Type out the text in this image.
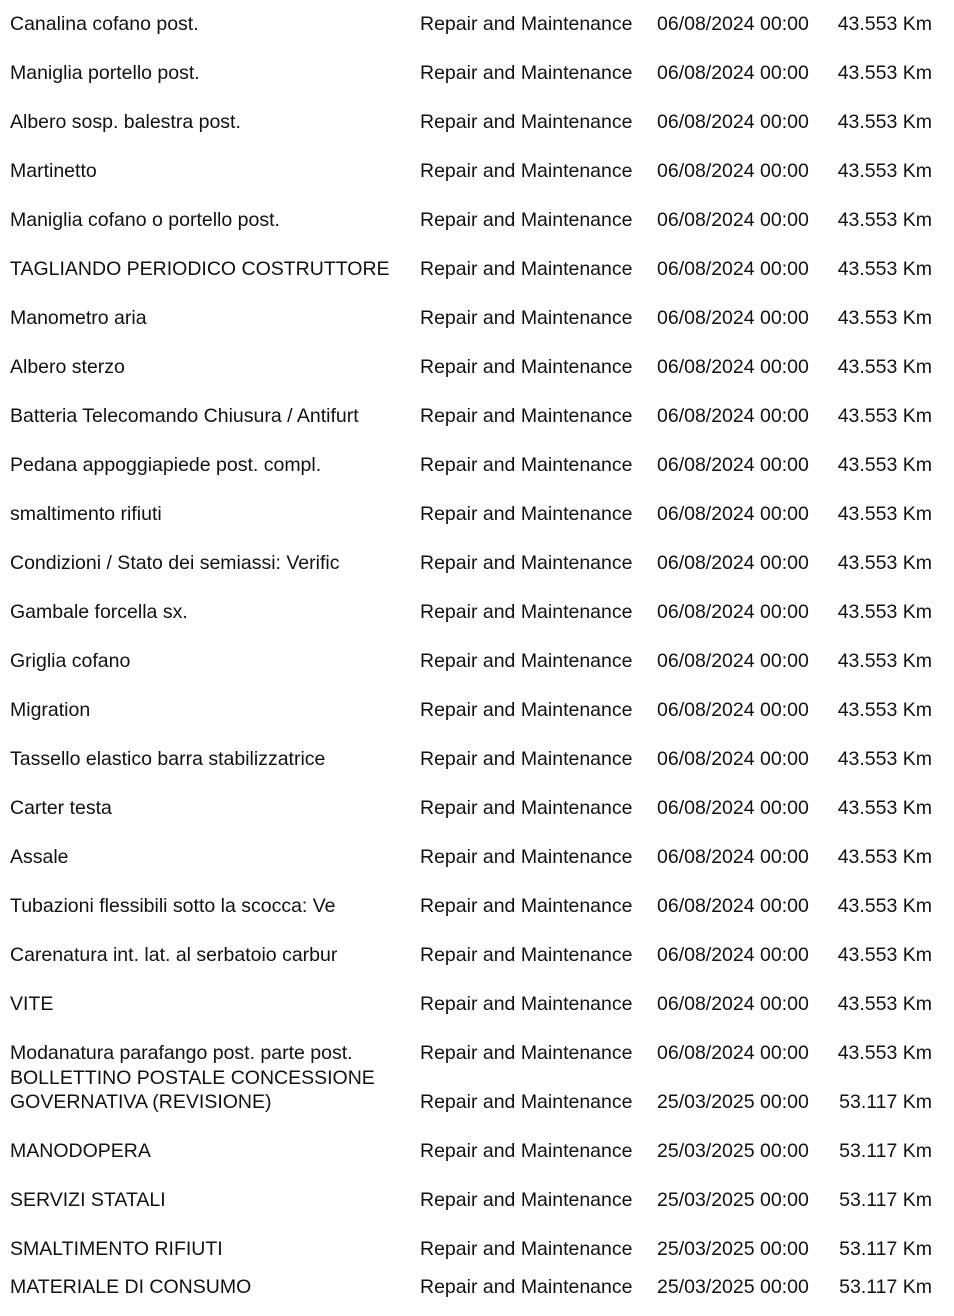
Canalina cofano post.	Repair and Maintenance 06/08/2024 00:00 43.553 Km
Maniglia portello post.	Repair and Maintenance 06/08/2024 00:00 43.553 Km
Albero sosp. balestra post.	Repair and Maintenance 06/08/2024 00:00 43.553 Km
Martinetto	Repair and Maintenance 06/08/2024 00:00 43.553 Km
Maniglia cofano o portello post.	Repair and Maintenance 06/08/2024 00:00 43.553 Km
TAGLIANDO PERIODICO COSTRUTTORE	Repair and Maintenance 06/08/2024 00:00 43.553 Km
Manometro aria	Repair and Maintenance 06/08/2024 00:00 43.553 Km
Albero sterzo	Repair and Maintenance 06/08/2024 00:00 43.553 Km
Batteria Telecomando Chiusura / Antifurt	Repair and Maintenance 06/08/2024 00:00 43.553 Km
Pedana appoggiapiede post. compl.	Repair and Maintenance 06/08/2024 00:00 43.553 Km
smaltimento rifiuti	Repair and Maintenance 06/08/2024 00:00 43.553 Km
Condizioni / Stato dei semiassi: Verific	Repair and Maintenance 06/08/2024 00:00 43.553 Km
Gambale forcella sx.	Repair and Maintenance 06/08/2024 00:00 43.553 Km
Griglia cofano	Repair and Maintenance 06/08/2024 00:00 43.553 Km
Migration	Repair and Maintenance 06/08/2024 00:00 43.553 Km
Tassello elastico barra stabilizzatrice	Repair and Maintenance 06/08/2024 00:00 43.553 Km
Carter testa	Repair and Maintenance 06/08/2024 00:00 43.553 Km
Assale	Repair and Maintenance 06/08/2024 00:00 43.553 Km
Tubazioni flessibili sotto la scocca: Ve	Repair and Maintenance 06/08/2024 00:00 43.553 Km
Carenatura int. lat. al serbatoio carbur	Repair and Maintenance 06/08/2024 00:00 43.553 Km
VITE	Repair and Maintenance 06/08/2024 00:00 43.553 Km
Modanatura parafango post. parte post.	Repair and Maintenance 06/08/2024 00:00 43.553 Km
BOLLETTINO POSTALE CONCESSIONE
GOVERNATIVA (REVISIONE)	Repair and Maintenance 25/03/2025 00:00 53.117 Km
MANODOPERA	Repair and Maintenance 25/03/2025 00:00 53.117 Km
SERVIZI STATALI	Repair and Maintenance 25/03/2025 00:00 53.117 Km
SMALTIMENTO RIFIUTI	Repair and Maintenance 25/03/2025 00:00 53.117 Km
MATERIALE DI CONSUMO	Repair and Maintenance 25/03/2025 00:00 53.117 Km
